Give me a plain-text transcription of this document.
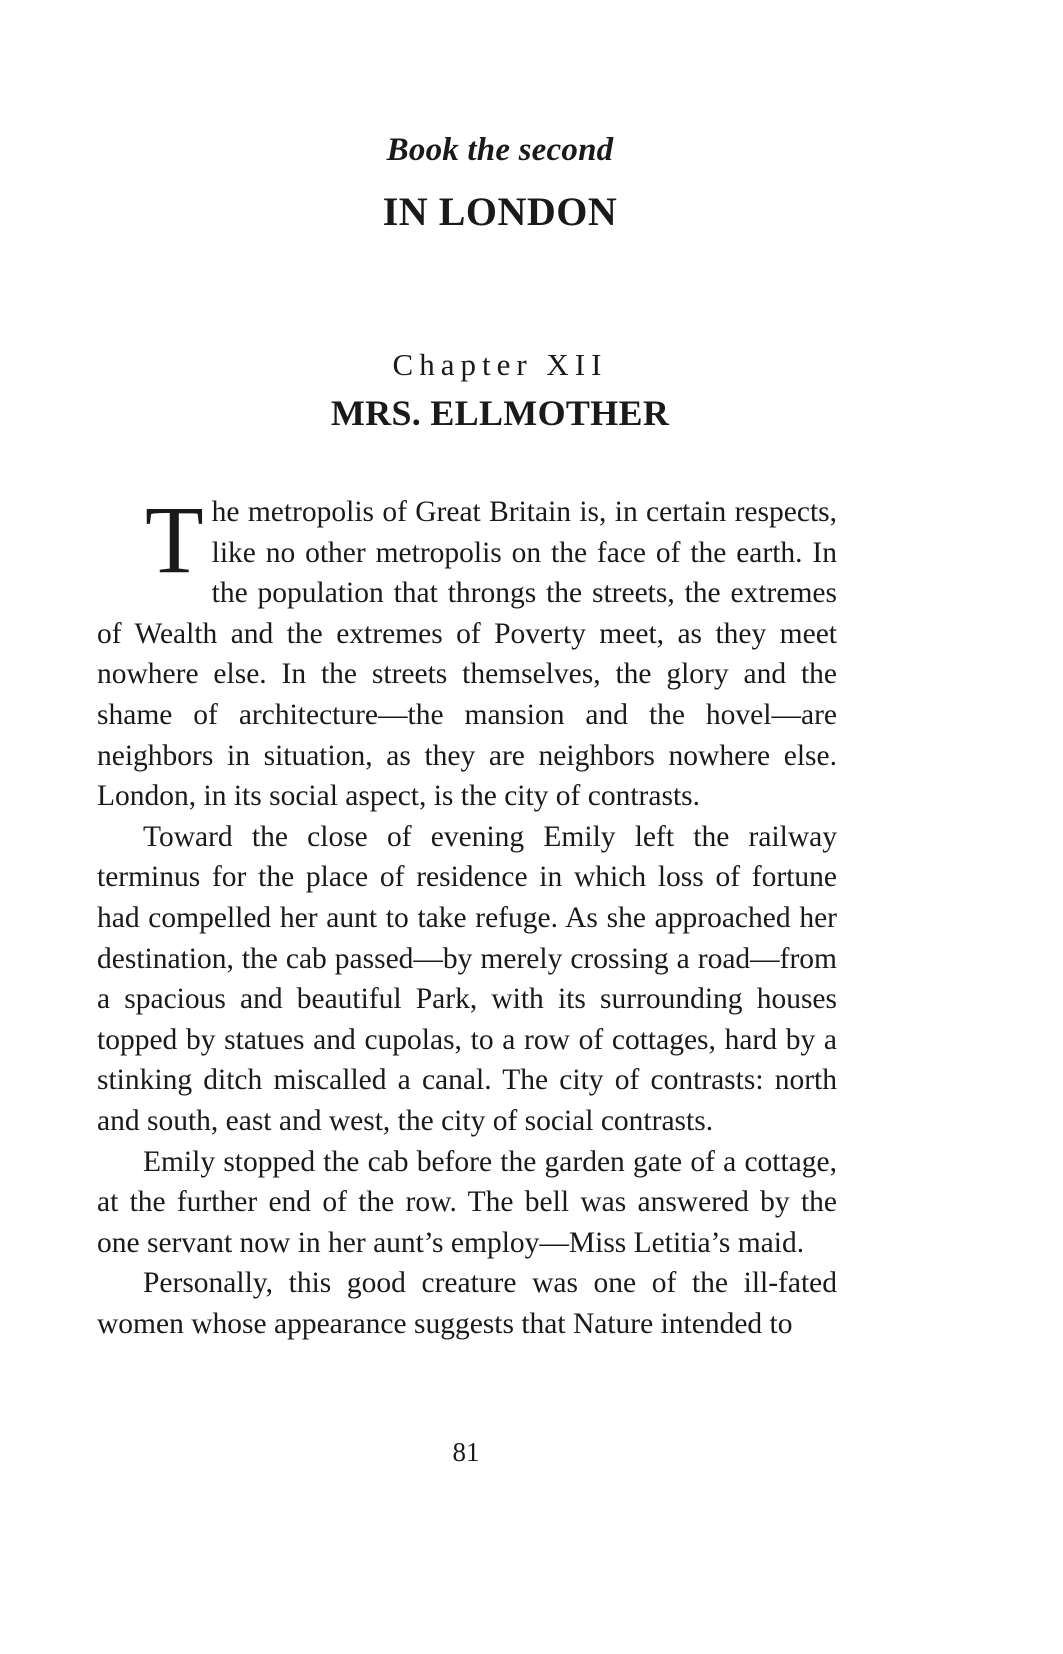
Book the second
IN LONDON
Chapter XII
MRS. ELLMOTHER

The metropolis of Great Britain is, in certain respects, like no other metropolis on the face of the earth. In the population that throngs the streets, the extremes of Wealth and the extremes of Poverty meet, as they meet nowhere else. In the streets themselves, the glory and the shame of architecture—the mansion and the hovel—are neighbors in situation, as they are neighbors nowhere else. London, in its social aspect, is the city of contrasts.

Toward the close of evening Emily left the railway terminus for the place of residence in which loss of fortune had compelled her aunt to take refuge. As she approached her destination, the cab passed—by merely crossing a road—from a spacious and beautiful Park, with its surrounding houses topped by statues and cupolas, to a row of cottages, hard by a stinking ditch miscalled a canal. The city of contrasts: north and south, east and west, the city of social contrasts.

Emily stopped the cab before the garden gate of a cottage, at the further end of the row. The bell was answered by the one servant now in her aunt’s employ—Miss Letitia’s maid.

Personally, this good creature was one of the ill-fated women whose appearance suggests that Nature intended to

81
